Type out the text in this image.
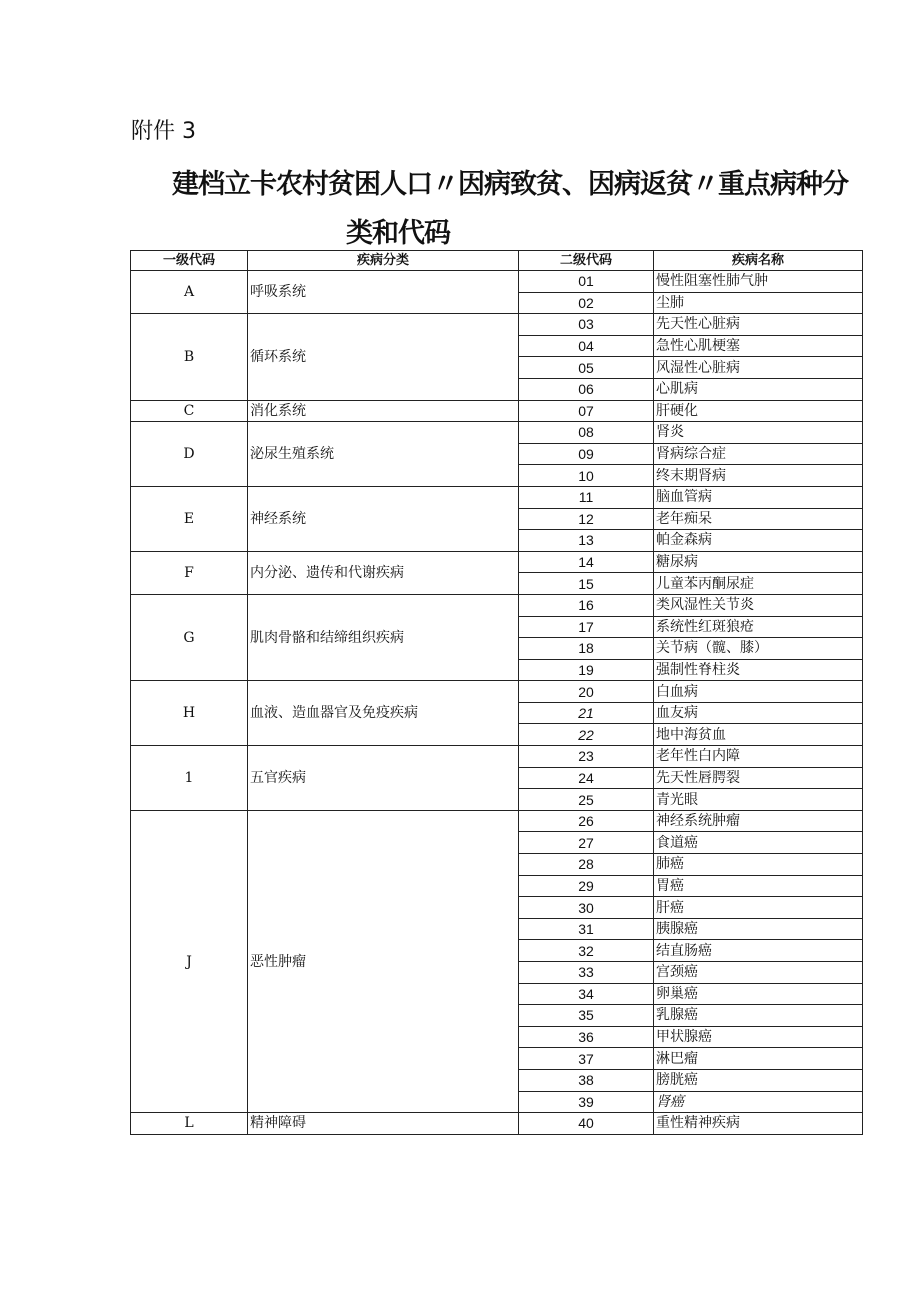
附件 3
建档立卡农村贫困人口〃因病致贫、因病返贫〃重点病种分
类和代码
一级代码	疾病分类	二级代码	疾病名称
A	呼吸系统	01	慢性阻塞性肺气肿
		02	尘肺
B	循环系统	03	先天性心脏病
		04	急性心肌梗塞
		05	风湿性心脏病
		06	心肌病
C	消化系统	07	肝硬化
D	泌尿生殖系统	08	肾炎
		09	肾病综合症
		10	终末期肾病
E	神经系统	11	脑血管病
		12	老年痴呆
		13	帕金森病
F	内分泌、遗传和代谢疾病	14	糖尿病
		15	儿童苯丙酮尿症
G	肌肉骨骼和结缔组织疾病	16	类风湿性关节炎
		17	系统性红斑狼疮
		18	关节病（髋、膝）
		19	强制性脊柱炎
H	血液、造血器官及免疫疾病	20	白血病
		21	血友病
		22	地中海贫血
1	五官疾病	23	老年性白内障
		24	先天性唇腭裂
		25	青光眼
J	恶性肿瘤	26	神经系统肿瘤
		27	食道癌
		28	肺癌
		29	胃癌
		30	肝癌
		31	胰腺癌
		32	结直肠癌
		33	宫颈癌
		34	卵巢癌
		35	乳腺癌
		36	甲状腺癌
		37	淋巴瘤
		38	膀胱癌
		39	肾癌
L	精神障碍	40	重性精神疾病
